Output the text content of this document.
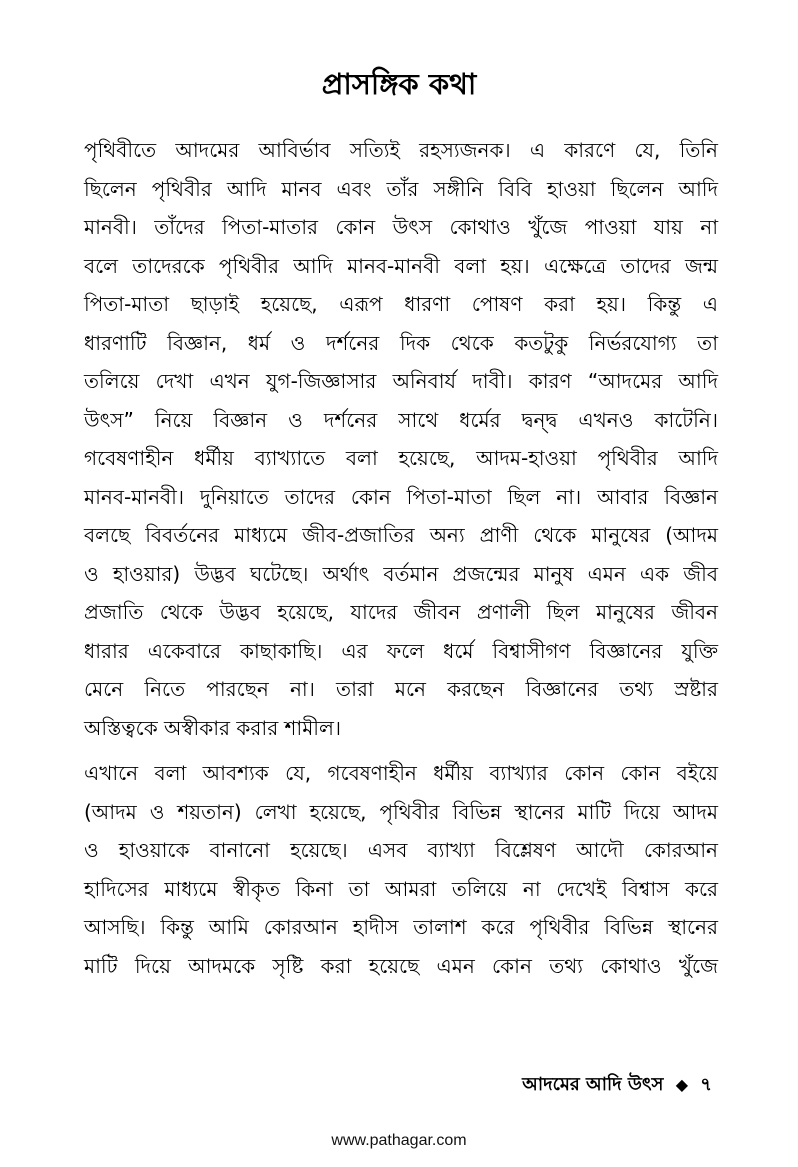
প্রাসঙ্গিক কথা
পৃথিবীতে আদমের আবির্ভাব সত্যিই রহস্যজনক। এ কারণে যে, তিনি
ছিলেন পৃথিবীর আদি মানব এবং তাঁর সঙ্গীনি বিবি হাওয়া ছিলেন আদি
মানবী। তাঁদের পিতা-মাতার কোন উৎস কোথাও খুঁজে পাওয়া যায় না
বলে তাদেরকে পৃথিবীর আদি মানব-মানবী বলা হয়। এক্ষেত্রে তাদের জন্ম
পিতা-মাতা ছাড়াই হয়েছে, এরূপ ধারণা পোষণ করা হয়। কিন্তু এ
ধারণাটি বিজ্ঞান, ধর্ম ও দর্শনের দিক থেকে কতটুকু নির্ভরযোগ্য তা
তলিয়ে দেখা এখন যুগ-জিজ্ঞাসার অনিবার্য দাবী। কারণ “আদমের আদি
উৎস” নিয়ে বিজ্ঞান ও দর্শনের সাথে ধর্মের দ্বন্দ্ব এখনও কাটেনি।
গবেষণাহীন ধর্মীয় ব্যাখ্যাতে বলা হয়েছে, আদম-হাওয়া পৃথিবীর আদি
মানব-মানবী। দুনিয়াতে তাদের কোন পিতা-মাতা ছিল না। আবার বিজ্ঞান
বলছে বিবর্তনের মাধ্যমে জীব-প্রজাতির অন্য প্রাণী থেকে মানুষের (আদম
ও হাওয়ার) উদ্ভব ঘটেছে। অর্থাৎ বর্তমান প্রজন্মের মানুষ এমন এক জীব
প্রজাতি থেকে উদ্ভব হয়েছে, যাদের জীবন প্রণালী ছিল মানুষের জীবন
ধারার একেবারে কাছাকাছি। এর ফলে ধর্মে বিশ্বাসীগণ বিজ্ঞানের যুক্তি
মেনে নিতে পারছেন না। তারা মনে করছেন বিজ্ঞানের তথ্য স্রষ্টার
অস্তিত্বকে অস্বীকার করার শামীল।
এখানে বলা আবশ্যক যে, গবেষণাহীন ধর্মীয় ব্যাখ্যার কোন কোন বইয়ে
(আদম ও শয়তান) লেখা হয়েছে, পৃথিবীর বিভিন্ন স্থানের মাটি দিয়ে আদম
ও হাওয়াকে বানানো হয়েছে। এসব ব্যাখ্যা বিশ্লেষণ আদৌ কোরআন
হাদিসের মাধ্যমে স্বীকৃত কিনা তা আমরা তলিয়ে না দেখেই বিশ্বাস করে
আসছি। কিন্তু আমি কোরআন হাদীস তালাশ করে পৃথিবীর বিভিন্ন স্থানের
মাটি দিয়ে আদমকে সৃষ্টি করা হয়েছে এমন কোন তথ্য কোথাও খুঁজে
আদমের আদি উৎস ◆ ৭
www.pathagar.com
